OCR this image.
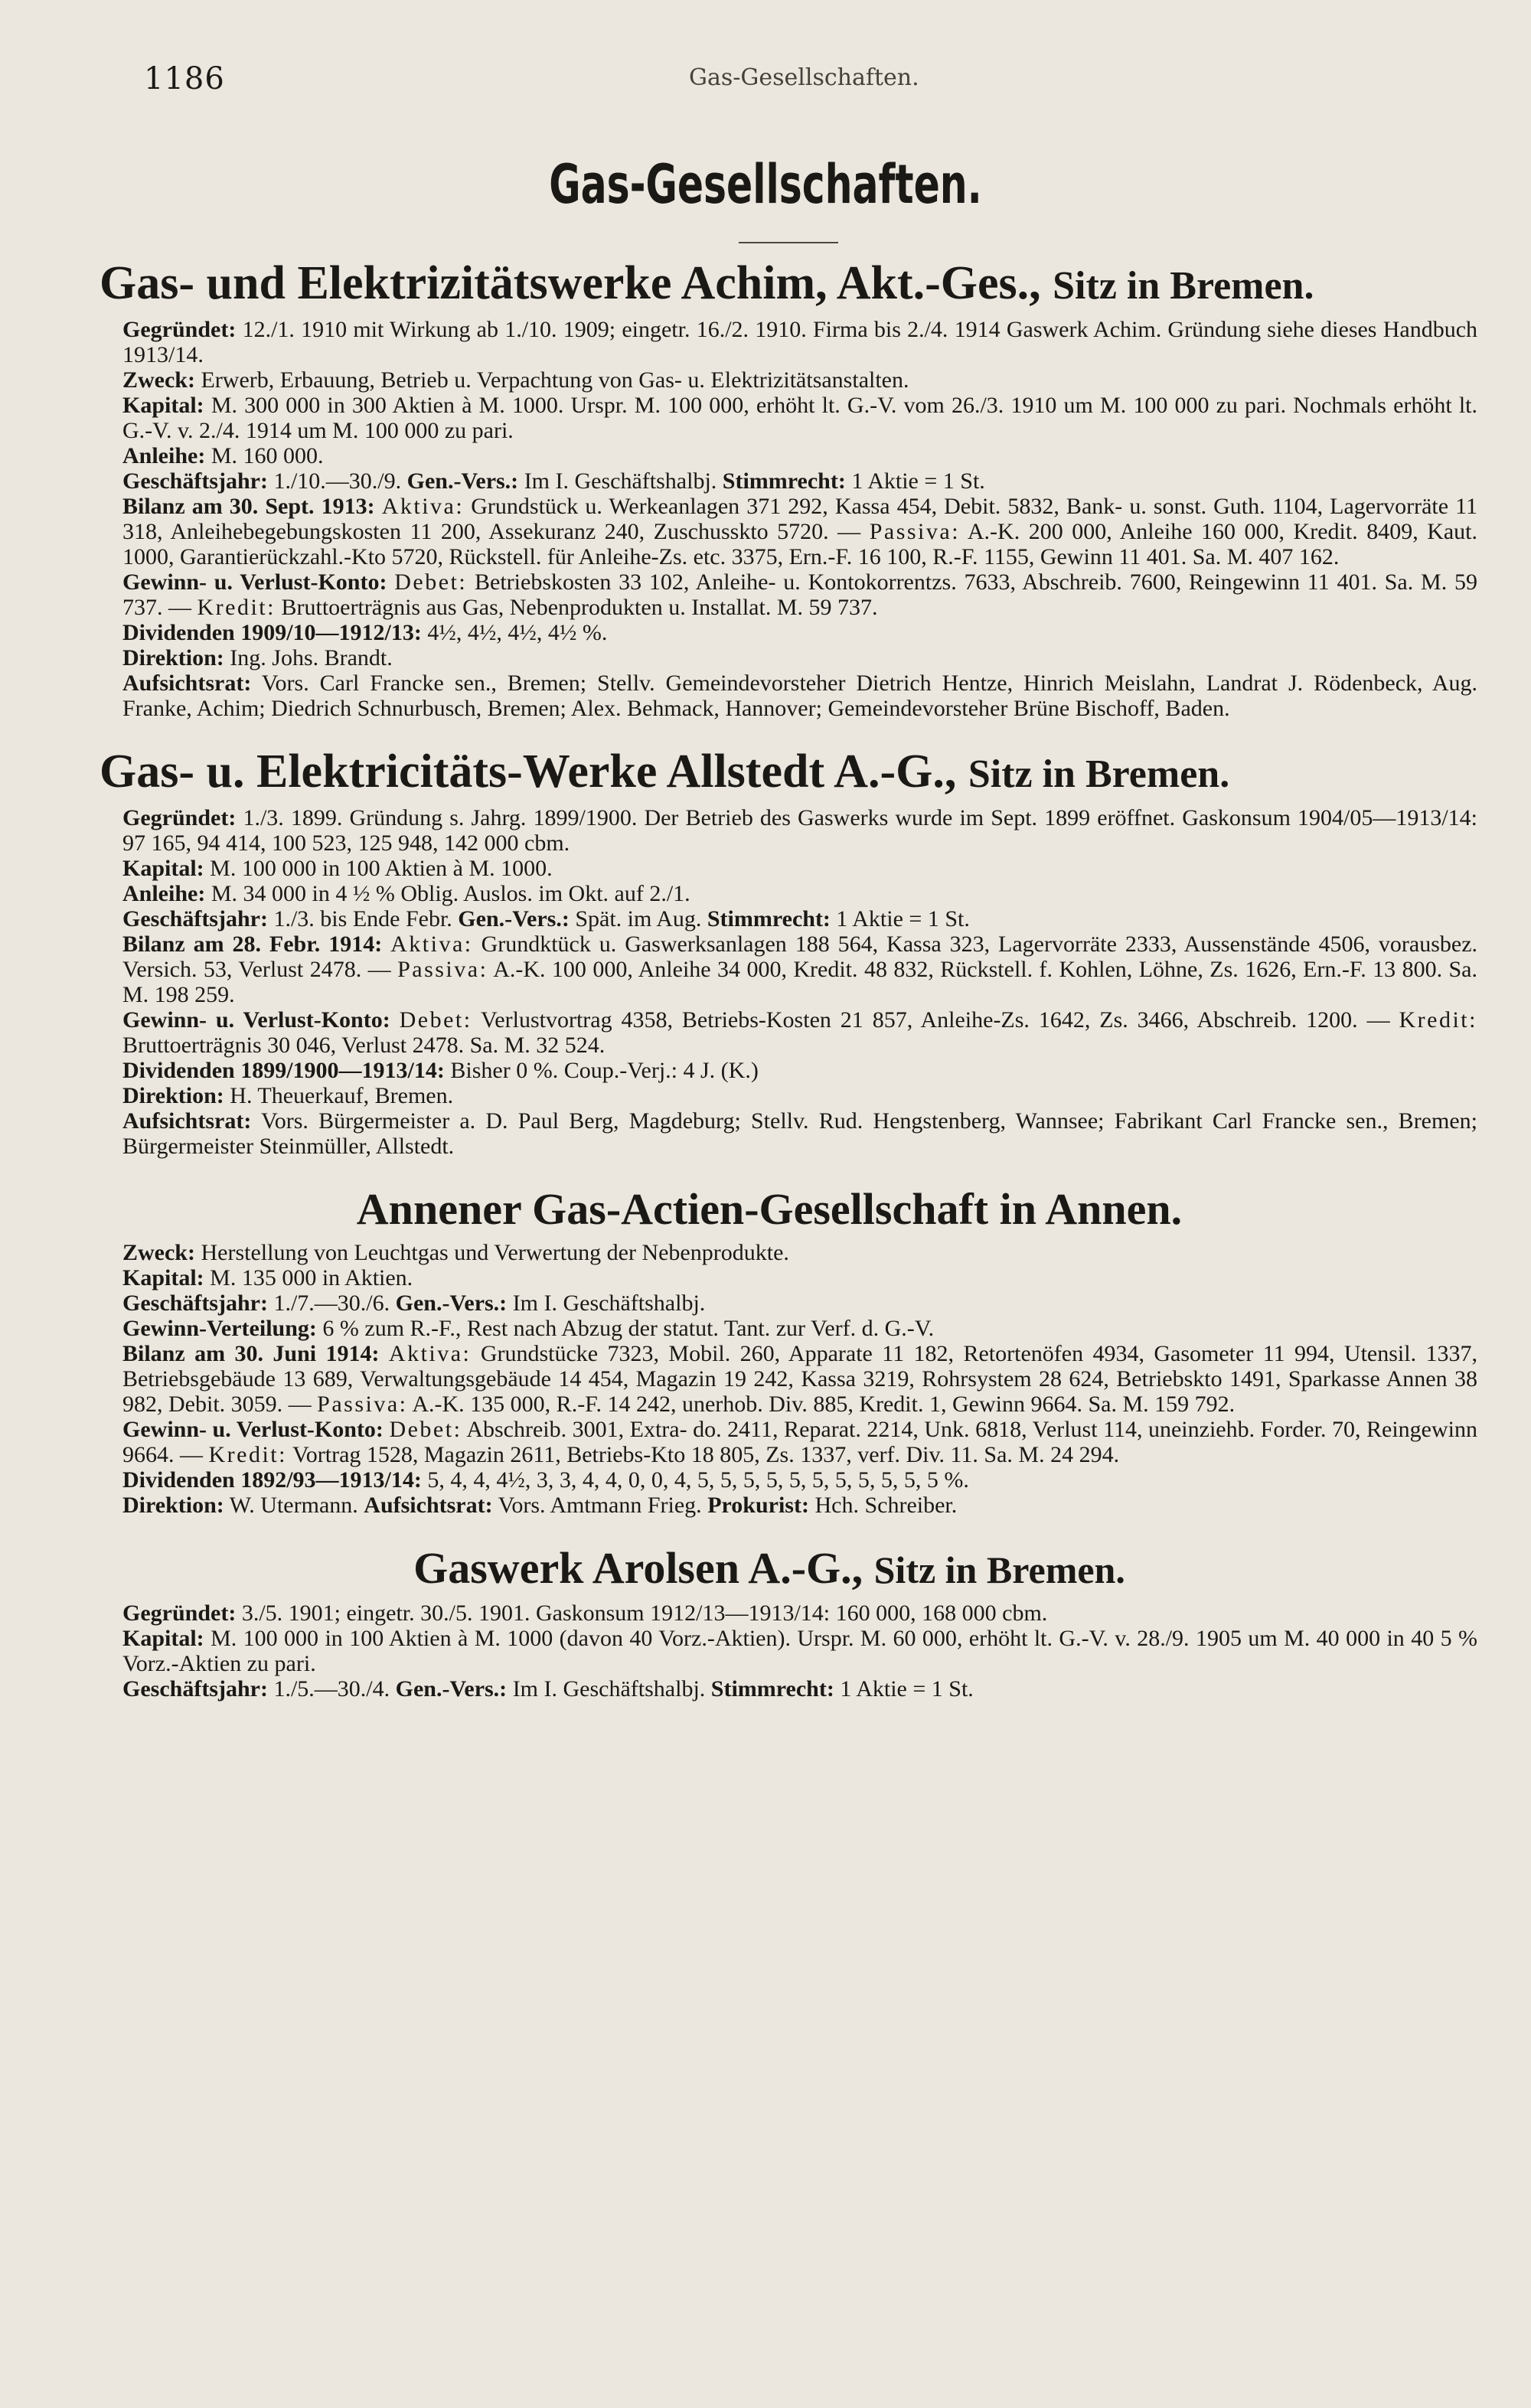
1186	Gas-Gesellschaften.
Gas-Gesellschaften.
Gas- und Elektrizitätswerke Achim, Akt.-Ges., Sitz in Bremen.

Gegründet: 12./1. 1910 mit Wirkung ab 1./10. 1909; eingetr. 16./2. 1910. Firma bis 2./4. 1914 Gaswerk Achim. Gründung siehe dieses Handbuch 1913/14.

Zweck: Erwerb, Erbauung, Betrieb u. Verpachtung von Gas- u. Elektrizitätsanstalten.

Kapital: M. 300 000 in 300 Aktien à M. 1000. Urspr. M. 100 000, erhöht lt. G.-V. vom 26./3. 1910 um M. 100 000 zu pari. Nochmals erhöht lt. G.-V. v. 2./4. 1914 um M. 100 000 zu pari.

Anleihe: M. 160 000.

Geschäftsjahr: 1./10.—30./9. Gen.-Vers.: Im I. Geschäftshalbj. Stimmrecht: 1 Aktie = 1 St.

Bilanz am 30. Sept. 1913: Aktiva: Grundstück u. Werkeanlagen 371 292, Kassa 454, Debit. 5832, Bank- u. sonst. Guth. 1104, Lagervorräte 11 318, Anleihebegebungskosten 11 200, Assekuranz 240, Zuschusskto 5720. — Passiva: A.-K. 200 000, Anleihe 160 000, Kredit. 8409, Kaut. 1000, Garantierückzahl.-Kto 5720, Rückstell. für Anleihe-Zs. etc. 3375, Ern.-F. 16 100, R.-F. 1155, Gewinn 11 401. Sa. M. 407 162.

Gewinn- u. Verlust-Konto: Debet: Betriebskosten 33 102, Anleihe- u. Kontokorrentzs. 7633, Abschreib. 7600, Reingewinn 11 401. Sa. M. 59 737. — Kredit: Bruttoerträgnis aus Gas, Nebenprodukten u. Installat. M. 59 737.

Dividenden 1909/10—1912/13: 4½, 4½, 4½, 4½ %.

Direktion: Ing. Johs. Brandt.

Aufsichtsrat: Vors. Carl Francke sen., Bremen; Stellv. Gemeindevorsteher Dietrich Hentze, Hinrich Meislahn, Landrat J. Rödenbeck, Aug. Franke, Achim; Diedrich Schnurbusch, Bremen; Alex. Behmack, Hannover; Gemeindevorsteher Brüne Bischoff, Baden.

Gas- u. Elektricitäts-Werke Allstedt A.-G., Sitz in Bremen.

Gegründet: 1./3. 1899. Gründung s. Jahrg. 1899/1900. Der Betrieb des Gaswerks wurde im Sept. 1899 eröffnet. Gaskonsum 1904/05—1913/14: 97 165, 94 414, 100 523, 125 948, 142 000 cbm.

Kapital: M. 100 000 in 100 Aktien à M. 1000.

Anleihe: M. 34 000 in 4 ½ % Oblig. Auslos. im Okt. auf 2./1.

Geschäftsjahr: 1./3. bis Ende Febr. Gen.-Vers.: Spät. im Aug. Stimmrecht: 1 Aktie = 1 St.

Bilanz am 28. Febr. 1914: Aktiva: Grundktück u. Gaswerksanlagen 188 564, Kassa 323, Lagervorräte 2333, Aussenstände 4506, vorausbez. Versich. 53, Verlust 2478. — Passiva: A.-K. 100 000, Anleihe 34 000, Kredit. 48 832, Rückstell. f. Kohlen, Löhne, Zs. 1626, Ern.-F. 13 800. Sa. M. 198 259.

Gewinn- u. Verlust-Konto: Debet: Verlustvortrag 4358, Betriebs-Kosten 21 857, Anleihe-Zs. 1642, Zs. 3466, Abschreib. 1200. — Kredit: Bruttoerträgnis 30 046, Verlust 2478. Sa. M. 32 524.

Dividenden 1899/1900—1913/14: Bisher 0 %. Coup.-Verj.: 4 J. (K.)

Direktion: H. Theuerkauf, Bremen.

Aufsichtsrat: Vors. Bürgermeister a. D. Paul Berg, Magdeburg; Stellv. Rud. Hengstenberg, Wannsee; Fabrikant Carl Francke sen., Bremen; Bürgermeister Steinmüller, Allstedt.

Annener Gas-Actien-Gesellschaft in Annen.

Zweck: Herstellung von Leuchtgas und Verwertung der Nebenprodukte.

Kapital: M. 135 000 in Aktien.

Geschäftsjahr: 1./7.—30./6. Gen.-Vers.: Im I. Geschäftshalbj.

Gewinn-Verteilung: 6 % zum R.-F., Rest nach Abzug der statut. Tant. zur Verf. d. G.-V.

Bilanz am 30. Juni 1914: Aktiva: Grundstücke 7323, Mobil. 260, Apparate 11 182, Retortenöfen 4934, Gasometer 11 994, Utensil. 1337, Betriebsgebäude 13 689, Verwaltungsgebäude 14 454, Magazin 19 242, Kassa 3219, Rohrsystem 28 624, Betriebskto 1491, Sparkasse Annen 38 982, Debit. 3059. — Passiva: A.-K. 135 000, R.-F. 14 242, unerhob. Div. 885, Kredit. 1, Gewinn 9664. Sa. M. 159 792.

Gewinn- u. Verlust-Konto: Debet: Abschreib. 3001, Extra- do. 2411, Reparat. 2214, Unk. 6818, Verlust 114, uneinziehb. Forder. 70, Reingewinn 9664. — Kredit: Vortrag 1528, Magazin 2611, Betriebs-Kto 18 805, Zs. 1337, verf. Div. 11. Sa. M. 24 294.

Dividenden 1892/93—1913/14: 5, 4, 4, 4½, 3, 3, 4, 4, 0, 0, 4, 5, 5, 5, 5, 5, 5, 5, 5, 5, 5, 5 %.

Direktion: W. Utermann. Aufsichtsrat: Vors. Amtmann Frieg. Prokurist: Hch. Schreiber.

Gaswerk Arolsen A.-G., Sitz in Bremen.

Gegründet: 3./5. 1901; eingetr. 30./5. 1901. Gaskonsum 1912/13—1913/14: 160 000, 168 000 cbm.

Kapital: M. 100 000 in 100 Aktien à M. 1000 (davon 40 Vorz.-Aktien). Urspr. M. 60 000, erhöht lt. G.-V. v. 28./9. 1905 um M. 40 000 in 40 5 % Vorz.-Aktien zu pari.

Geschäftsjahr: 1./5.—30./4. Gen.-Vers.: Im I. Geschäftshalbj. Stimmrecht: 1 Aktie = 1 St.
